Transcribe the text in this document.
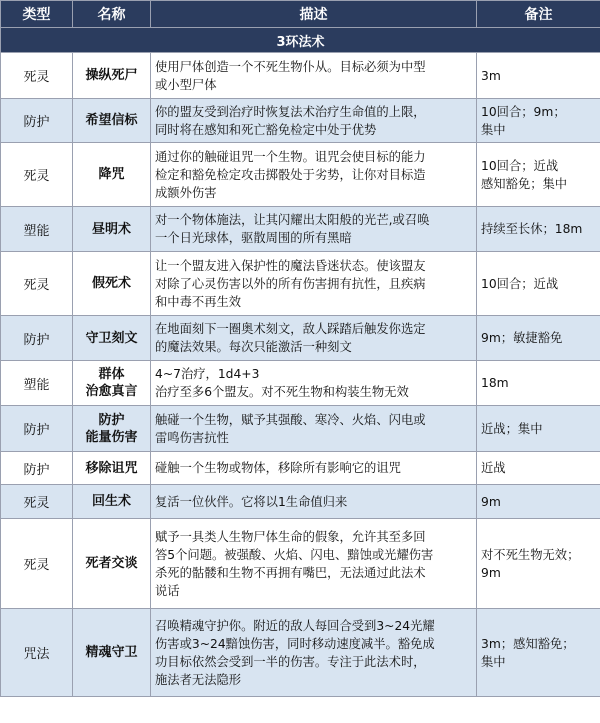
类型	名称	描述	备注
3环法术			
死灵	操纵死尸	使用尸体创造一个不死生物仆从。目标必须为中型
或小型尸体	3m

防护	希望信标	你的盟友受到治疗时恢复法术治疗生命值的上限，
同时将在感知和死亡豁免检定中处于优势	10回合；9m；
集中

死灵	降咒	通过你的触碰诅咒一个生物。诅咒会使目标的能力
检定和豁免检定攻击掷骰处于劣势，让你对目标造
成额外伤害	10回合；近战
感知豁免；集中

塑能	昼明术	对一个物体施法，让其闪耀出太阳般的光芒,或召唤
一个日光球体，驱散周围的所有黑暗	持续至长休；18m

死灵	假死术	让一个盟友进入保护性的魔法昏迷状态。使该盟友
对除了心灵伤害以外的所有伤害拥有抗性，且疾病
和中毒不再生效	10回合；近战

防护	守卫刻文	在地面刻下一圈奥术刻文，敌人踩踏后触发你选定
的魔法效果。每次只能激活一种刻文	9m；敏捷豁免

塑能	群体
治愈真言	4~7治疗，1d4+3
治疗至多6个盟友。对不死生物和构装生物无效	18m

防护	防护
能量伤害	触碰一个生物，赋予其强酸、寒冷、火焰、闪电或
雷鸣伤害抗性	近战；集中

防护	移除诅咒	碰触一个生物或物体，移除所有影响它的诅咒	近战

死灵	回生术	复活一位伙伴。它将以1生命值归来	9m

死灵	死者交谈	赋予一具类人生物尸体生命的假象，允许其至多回
答5个问题。被强酸、火焰、闪电、黯蚀或光耀伤害
杀死的骷髅和生物不再拥有嘴巴，无法通过此法术
说话	对不死生物无效；
9m

咒法	精魂守卫	召唤精魂守护你。附近的敌人每回合受到3~24光耀
伤害或3~24黯蚀伤害，同时移动速度减半。豁免成
功目标依然会受到一半的伤害。专注于此法术时，
施法者无法隐形	3m；感知豁免；
集中
